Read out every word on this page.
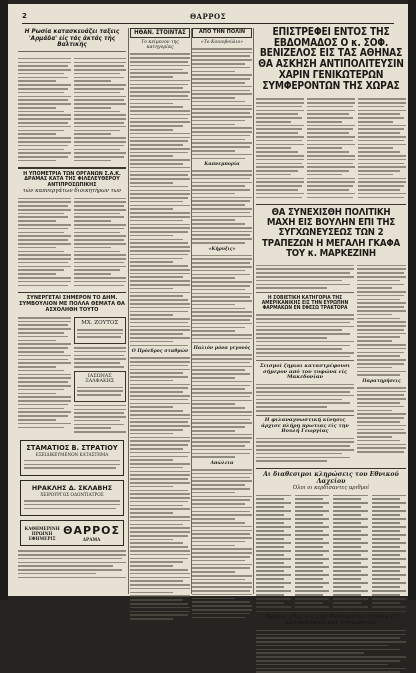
2	ΘΑΡΡΟΣ
Η Ρωσία κατασκευάζει ταξεις 'Αρμάδα' είς τάς άκτάς τής Βαλτικής
Η ΥΠΟΜΕΤΡΙΑ ΤΩΝ ΟΡΓΑΝΩΝ Σ.Α.Κ. ΔΡΑΜΑΣ ΚΑΤΑ ΤΗΣ ΦΙΛΕΛΕΥΘΕΡΟΥ ΑΝΤΙΠΡΟΣΩΠΙΚΗΣ
τών καπνεργάτων διοικητήρων των
ΣΥΝΕΡΓΕΤΑΙ ΣΗΜΕΡΟΝ ΤΟ ΔΗΜ. ΣΥΜΒΟΥΛΙΟΝ ΜΕ ΠΟΛΛΑ ΘΕΜΑΤΑ ΘΑ ΑΣΧΟΛΗΘΗ ΤΟΥΤΟ
ΜΧ. ΖΟΥΤΟΣ
ΙΑΣΩΝΑΣ ΞΑΛΦΑΚΗΣ
ΣΤΑΜΑΤΙΟΣ Β. ΣΤΡΑΤΙΟΥ
ΕΞΕΙΔΙΚΕΥΜΕΝΟΝ ΚΑΤΑΣΤΗΜΑ
ΗΡΑΚΛΗΣ Δ. ΣΚΛΑΒΗΣ
ΧΕΙΡΟΥΡΓΟΣ ΟΔΟΝΤΙΑΤΡΟΣ
ΚΑΘΗΜΕΡΙΝΗ ΠΡΩΙΝΗ ΕΦΗΜΕΡΙΣ
ΘΑΡΡΟΣ
ΔΡΑΜΑ
ΗΘΑΝ. ΣΤΟΙΝΤΑΣ
Το κείμενον της κατηγορίας
Ο Πρόεδρος σταθμών
ΑΠΟ ΤΗΝ ΠΟΛΙΝ
«Το Κοινοβούλιο»
Καπνεμπορία
«Κήρυξις»
Παλιόν μόνα γεγονός
Απώλεια
ΕΠΙΣΤΡΕΦΕΙ ΕΝΤΟΣ ΤΗΣ ΕΒΔΟΜΑΔΟΣ Ο κ. ΣΟΦ. ΒΕΝΙΖΕΛΟΣ ΕΙΣ ΤΑΣ ΑΘΗΝΑΣ ΘΑ ΑΣΚΗΣΗ ΑΝΤΙΠΟΛΙΤΕΥΣΙΝ ΧΑΡΙΝ ΓΕΝΙΚΩΤΕΡΩΝ ΣΥΜΦΕΡΟΝΤΩΝ ΤΗΣ ΧΩΡΑΣ
ΘΑ ΣΥΝΕΧΙΣΘΗ ΠΟΛΙΤΙΚΗ ΜΑΧΗ ΕΙΣ ΒΟΥΛΗΝ ΕΠΙ ΤΗΣ ΣΥΓΧΩΝΕΥΣΕΩΣ ΤΩΝ 2 ΤΡΑΠΕΖΩΝ Η ΜΕΓΑΛΗ ΓΚΑΦΑ ΤΟΥ κ. ΜΑΡΚΕΖΙΝΗ
Η ΣΟΒΙΕΤΙΚΗ ΚΑΤΗΓΟΡΙΑ ΤΗΣ ΑΜΕΡΙΚΑΝΙΚΗΣ ΕΙΣ ΤΗΝ ΕΥΡΩΠΗΝ ΦΑΡΜΑΚΩΝ ΕΝ ΕΦΕΣΩ ΤΡΑΚΤΟΡΑ
Σεισμοί ζημιαι καταστρέφουσι σήμερον από τον τυφώνα είς Μακεδονίαν
Η φιλαναγνωστική κίνησις άρχισε πλήρη πρωτιας είς την Βουλή Γεωργίας
Παρατηρήσεις
Αι διαθεσιμοι κληρώσεις του Εθνικού Λαχείου
Όλοι οι κερδίσαντες αριθμοί
Ήρχισε χθες εις την Βουλγαρίαν η δίκη 11 κατασκόπων καί συνωμοτών
